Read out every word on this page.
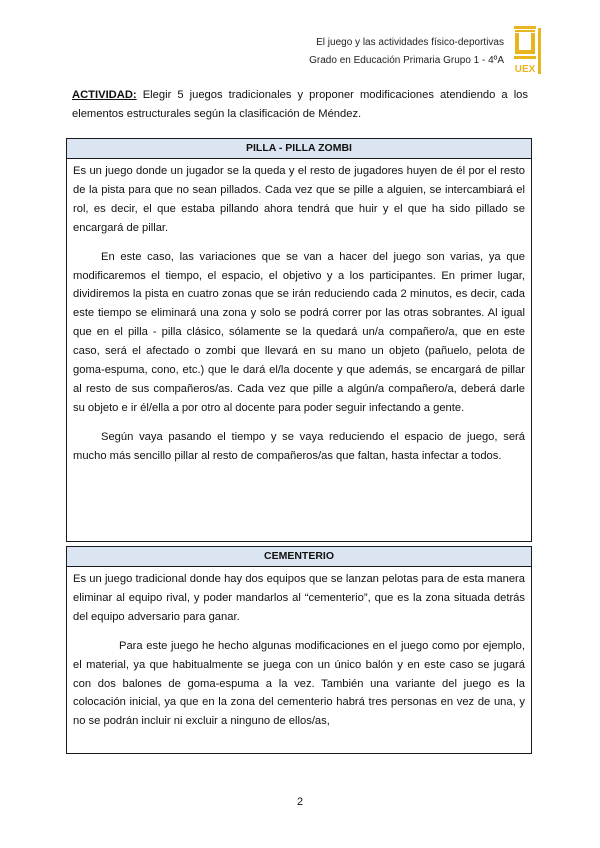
El juego y las actividades físico-deportivas
Grado en Educación Primaria Grupo 1 - 4ºA
UEX
ACTIVIDAD: Elegir 5 juegos tradicionales y proponer modificaciones atendiendo a los elementos estructurales según la clasificación de Méndez.
PILLA - PILLA ZOMBI

Es un juego donde un jugador se la queda y el resto de jugadores huyen de él por el resto de la pista para que no sean pillados. Cada vez que se pille a alguien, se intercambiará el rol, es decir, el que estaba pillando ahora tendrá que huir y el que ha sido pillado se encargará de pillar.

En este caso, las variaciones que se van a hacer del juego son varias, ya que modificaremos el tiempo, el espacio, el objetivo y a los participantes. En primer lugar, dividiremos la pista en cuatro zonas que se irán reduciendo cada 2 minutos, es decir, cada este tiempo se eliminará una zona y solo se podrá correr por las otras sobrantes. Al igual que en el pilla - pilla clásico, sólamente se la quedará un/a compañero/a, que en este caso, será el afectado o zombi que llevará en su mano un objeto (pañuelo, pelota de goma-espuma, cono, etc.) que le dará el/la docente y que además, se encargará de pillar al resto de sus compañeros/as. Cada vez que pille a algún/a compañero/a, deberá darle su objeto e ir él/ella a por otro al docente para poder seguir infectando a gente.

Según vaya pasando el tiempo y se vaya reduciendo el espacio de juego, será mucho más sencillo pillar al resto de compañeros/as que faltan, hasta infectar a todos.

CEMENTERIO

Es un juego tradicional donde hay dos equipos que se lanzan pelotas para de esta manera eliminar al equipo rival, y poder mandarlos al “cementerio”, que es la zona situada detrás del equipo adversario para ganar.

Para este juego he hecho algunas modificaciones en el juego como por ejemplo, el material, ya que habitualmente se juega con un único balón y en este caso se jugará con dos balones de goma-espuma a la vez. También una variante del juego es la colocación inicial, ya que en la zona del cementerio habrá tres personas en vez de una, y no se podrán incluir ni excluir a ninguno de ellos/as,

2
